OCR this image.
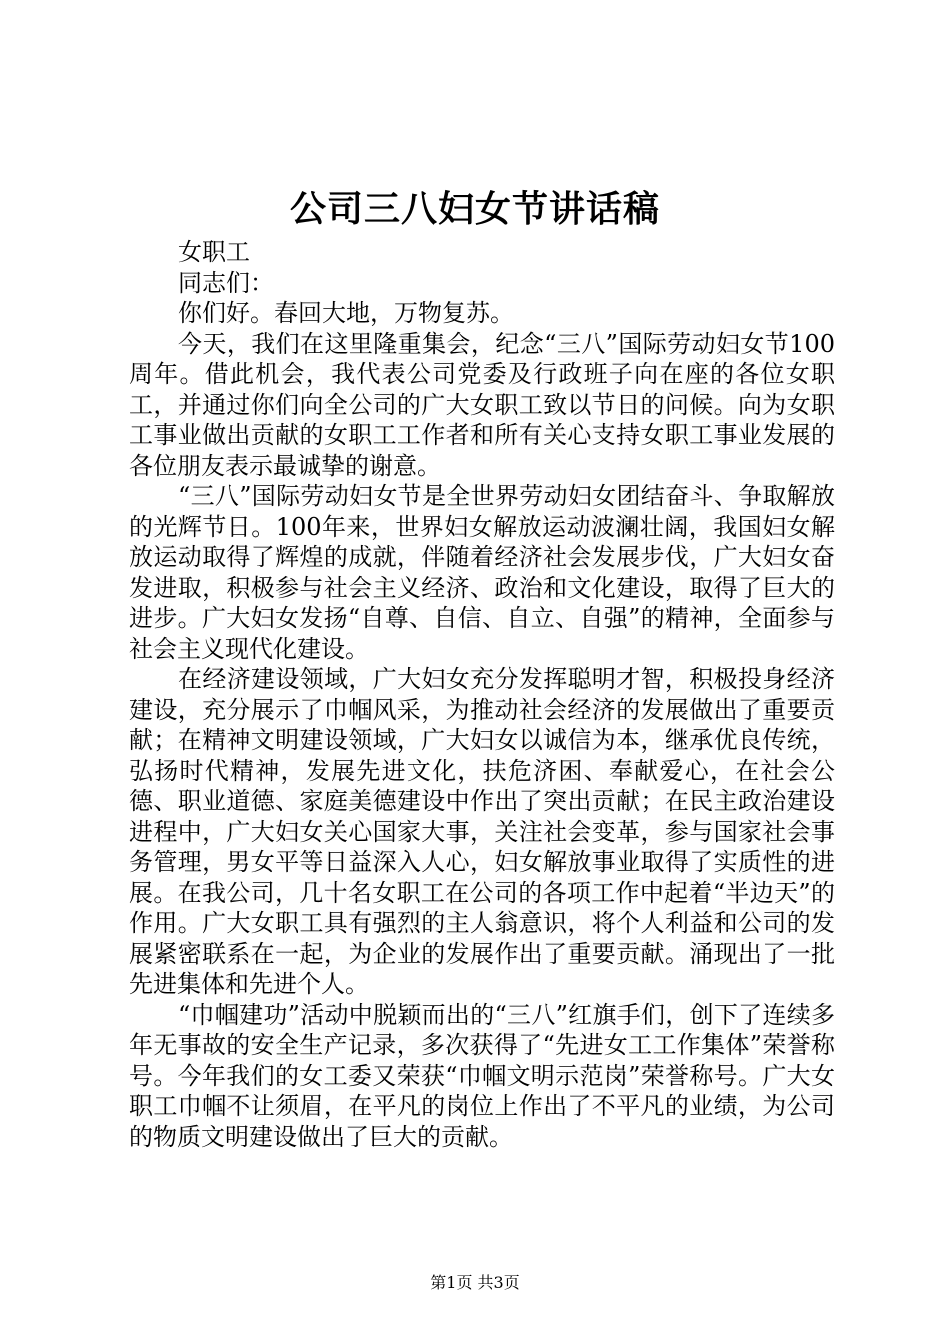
公司三八妇女节讲话稿

女职工

同志们：

你们好。春回大地，万物复苏。

今天，我们在这里隆重集会，纪念“三八”国际劳动妇女节100周年。借此机会，我代表公司党委及行政班子向在座的各位女职工，并通过你们向全公司的广大女职工致以节日的问候。向为女职工事业做出贡献的女职工工作者和所有关心支持女职工事业发展的各位朋友表示最诚挚的谢意。

“三八”国际劳动妇女节是全世界劳动妇女团结奋斗、争取解放的光辉节日。100年来，世界妇女解放运动波澜壮阔，我国妇女解放运动取得了辉煌的成就，伴随着经济社会发展步伐，广大妇女奋发进取，积极参与社会主义经济、政治和文化建设，取得了巨大的进步。广大妇女发扬“自尊、自信、自立、自强”的精神，全面参与社会主义现代化建设。

在经济建设领域，广大妇女充分发挥聪明才智，积极投身经济建设，充分展示了巾帼风采，为推动社会经济的发展做出了重要贡献；在精神文明建设领域，广大妇女以诚信为本，继承优良传统，弘扬时代精神，发展先进文化，扶危济困、奉献爱心，在社会公德、职业道德、家庭美德建设中作出了突出贡献；在民主政治建设进程中，广大妇女关心国家大事，关注社会变革，参与国家社会事务管理，男女平等日益深入人心，妇女解放事业取得了实质性的进展。在我公司，几十名女职工在公司的各项工作中起着“半边天”的作用。广大女职工具有强烈的主人翁意识，将个人利益和公司的发展紧密联系在一起，为企业的发展作出了重要贡献。涌现出了一批先进集体和先进个人。

“巾帼建功”活动中脱颖而出的“三八”红旗手们，创下了连续多年无事故的安全生产记录，多次获得了“先进女工工作集体”荣誉称号。今年我们的女工委又荣获“巾帼文明示范岗”荣誉称号。广大女职工巾帼不让须眉，在平凡的岗位上作出了不平凡的业绩，为公司的物质文明建设做出了巨大的贡献。

第1页 共3页
